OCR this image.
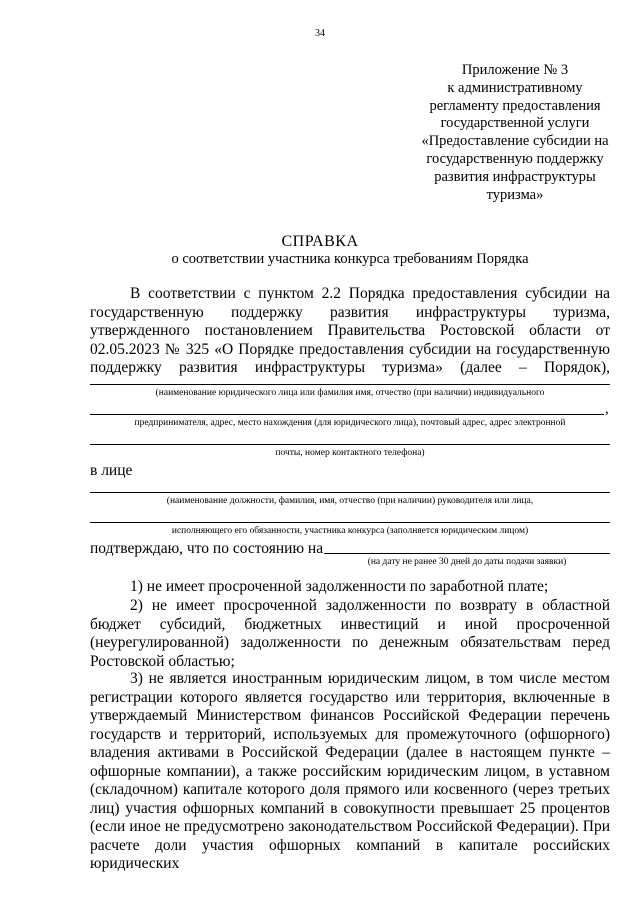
34
Приложение № 3
к административному
регламенту предоставления
государственной услуги
«Предоставление субсидии на
государственную поддержку
развития инфраструктуры
туризма»
СПРАВКА
о соответствии участника конкурса требованиям Порядка
В соответствии с пунктом 2.2 Порядка предоставления субсидии на государственную поддержку развития инфраструктуры туризма, утвержденного постановлением Правительства Ростовской области от 02.05.2023 № 325 «О Порядке предоставления субсидии на государственную поддержку развития инфраструктуры туризма» (далее – Порядок),
(наименование юридического лица или фамилия имя, отчество (при наличии) индивидуального
,
предпринимателя, адрес, место нахождения (для юридического лица), почтовый адрес, адрес электронной
почты, номер контактного телефона)
в лице
(наименование должности, фамилия, имя, отчество (при наличии) руководителя или лица,
исполняющего его обязанности, участника конкурса (заполняется юридическим лицом)
подтверждаю, что по состоянию на
(на дату не ранее 30 дней до даты подачи заявки)
1) не имеет просроченной задолженности по заработной плате;
2) не имеет просроченной задолженности по возврату в областной бюджет субсидий, бюджетных инвестиций и иной просроченной (неурегулированной) задолженности по денежным обязательствам перед Ростовской областью;
3) не является иностранным юридическим лицом, в том числе местом регистрации которого является государство или территория, включенные в утверждаемый Министерством финансов Российской Федерации перечень государств и территорий, используемых для промежуточного (офшорного) владения активами в Российской Федерации (далее в настоящем пункте – офшорные компании), а также российским юридическим лицом, в уставном (складочном) капитале которого доля прямого или косвенного (через третьих лиц) участия офшорных компаний в совокупности превышает 25 процентов (если иное не предусмотрено законодательством Российской Федерации). При расчете доли участия офшорных компаний в капитале российских юридических
